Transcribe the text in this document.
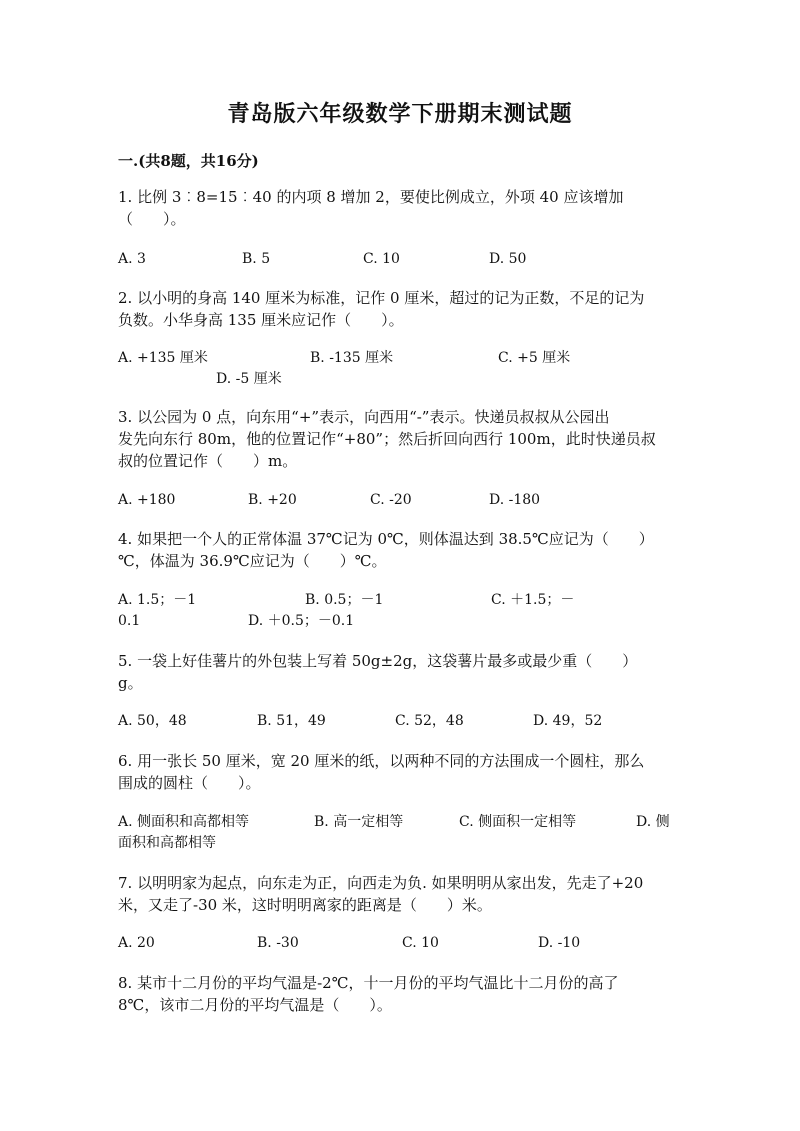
青岛版六年级数学下册期末测试题
一.(共8题，共16分)
1. 比例 3︰8=15︰40 的内项 8 增加 2，要使比例成立，外项 40 应该增加
（　　）。
A. 3	B. 5	C. 10	D. 50
2. 以小明的身高 140 厘米为标准，记作 0 厘米，超过的记为正数，不足的记为
负数。小华身高 135 厘米应记作（　　）。
A. +135 厘米	B. -135 厘米	C. +5 厘米
D. -5 厘米
3. 以公园为 0 点，向东用“+”表示，向西用“-”表示。快递员叔叔从公园出
发先向东行 80m，他的位置记作“+80”；然后折回向西行 100m，此时快递员叔
叔的位置记作（　　）m。
A. +180	B. +20	C. -20	D. -180
4. 如果把一个人的正常体温 37℃记为 0℃，则体温达到 38.5℃应记为（　　）
℃，体温为 36.9℃应记为（　　）℃。
A. 1.5；－1	B. 0.5；－1	C. ＋1.5；－
0.1	D. ＋0.5；－0.1
5. 一袋上好佳薯片的外包装上写着 50g±2g，这袋薯片最多或最少重（　　）
g。
A. 50，48	B. 51，49	C. 52，48	D. 49，52
6. 用一张长 50 厘米，宽 20 厘米的纸，以两种不同的方法围成一个圆柱，那么
围成的圆柱（　　）。
A. 侧面积和高都相等	B. 高一定相等	C. 侧面积一定相等	D. 侧
面积和高都相等
7. 以明明家为起点，向东走为正，向西走为负. 如果明明从家出发，先走了+20
米，又走了-30 米，这时明明离家的距离是（　　）米。
A. 20	B. -30	C. 10	D. -10
8. 某市十二月份的平均气温是-2℃，十一月份的平均气温比十二月份的高了
8℃，该市二月份的平均气温是（　　）。
